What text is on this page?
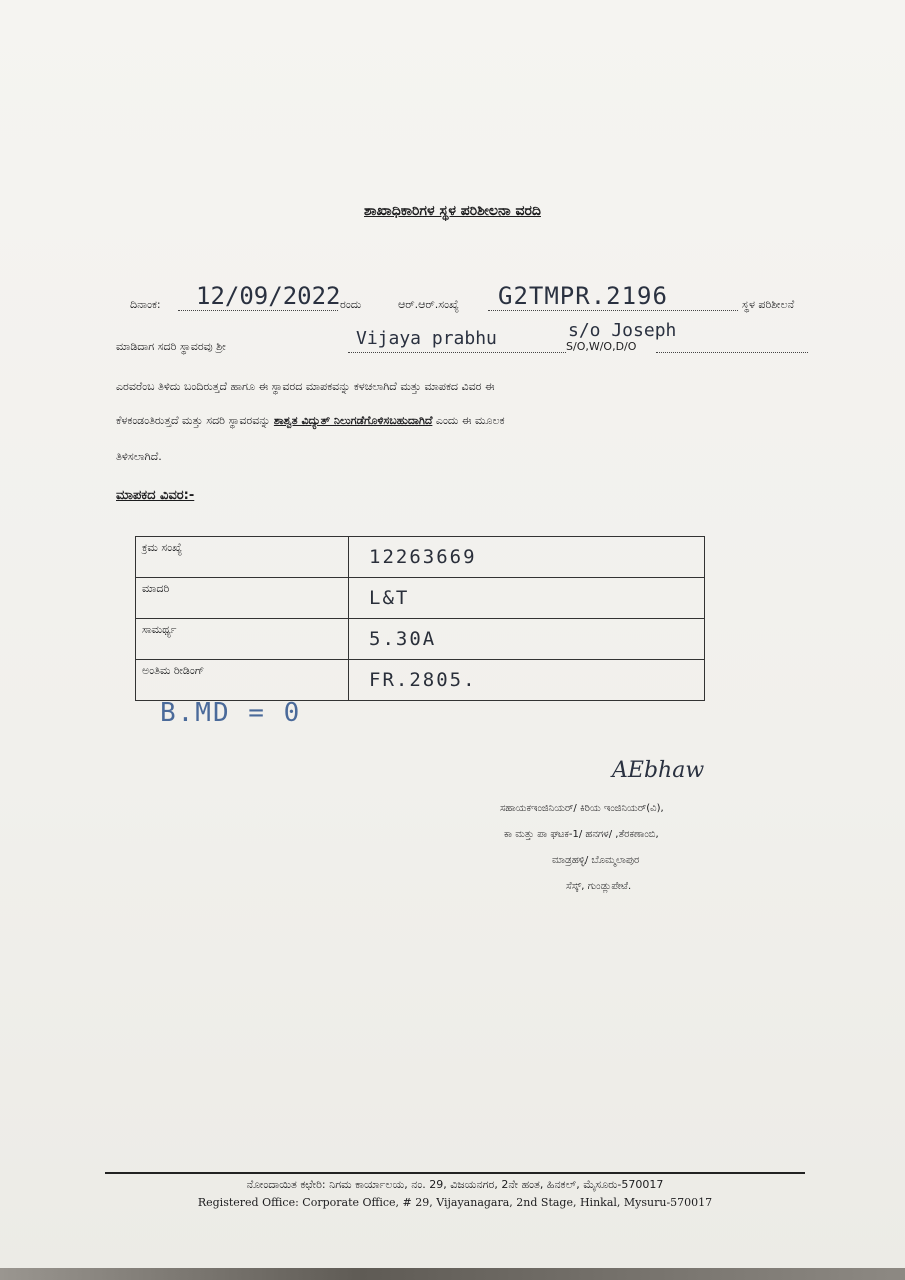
ಶಾಖಾಧಿಕಾರಿಗಳ ಸ್ಥಳ ಪರಿಶೀಲನಾ ವರದಿ
ದಿನಾಂಕ: 12/09/2022 ರಂದು	ಆರ್.ಆರ್.ಸಂಖ್ಯೆ G2TMPR.2196	ಸ್ಥಳ ಪರಿಶೀಲನೆ
ಮಾಡಿದಾಗ ಸದರಿ ಸ್ಥಾವರವು ಶ್ರೀ	Vijaya prabhu	S/O,W/O,D/O
s/o Joseph
ಎರವರೆಂಬ ತಿಳಿದು ಬಂದಿರುತ್ತದೆ ಹಾಗೂ ಈ ಸ್ಥಾವರದ ಮಾಪಕವನ್ನು ಕಳಚಲಾಗಿದೆ ಮತ್ತು ಮಾಪಕದ ವಿವರ ಈ
ಕೆಳಕಂಡಂತಿರುತ್ತದೆ ಮತ್ತು ಸದರಿ ಸ್ಥಾವರವನ್ನು ಶಾಶ್ವತ ವಿದ್ಯುತ್ ನಿಲುಗಡೆಗೊಳಿಸಬಹುದಾಗಿದೆ ಎಂದು ಈ ಮೂಲಕ
ತಿಳಿಸಲಾಗಿದೆ.
ಮಾಪಕದ ವಿವರ:-
ಕ್ರಮ ಸಂಖ್ಯೆ	12263669
ಮಾದರಿ	L&T
ಸಾಮರ್ಥ್ಯ	5.30A
ಅಂತಿಮ ರೀಡಿಂಗ್	FR.2805.
B.MD = 0
AEbhaw
ಸಹಾಯಕಇಂಜಿನಿಯರ್/ ಕಿರಿಯ ಇಂಜಿನಿಯರ್(ವಿ),
ಕಾ ಮತ್ತು ಪಾ ಘಟಕ-1/ ಹನಗಳ/ ,ತೆರಕಣಾಂಬಿ,
ಮಾಡ್ರಹಳ್ಳಿ/ ಬೊಮ್ಮಲಾಪುರ
ಸೆಸ್ಕ್, ಗುಂಡ್ಲುಪೇಟೆ.
ನೋಂದಾಯಿತ ಕಛೇರಿ: ನಿಗಮ ಕಾರ್ಯಾಲಯ, ನಂ. 29, ವಿಜಯನಗರ, 2ನೇ ಹಂತ, ಹಿನಕಲ್, ಮೈಸೂರು-570017
Registered Office: Corporate Office, # 29, Vijayanagara, 2nd Stage, Hinkal, Mysuru-570017
